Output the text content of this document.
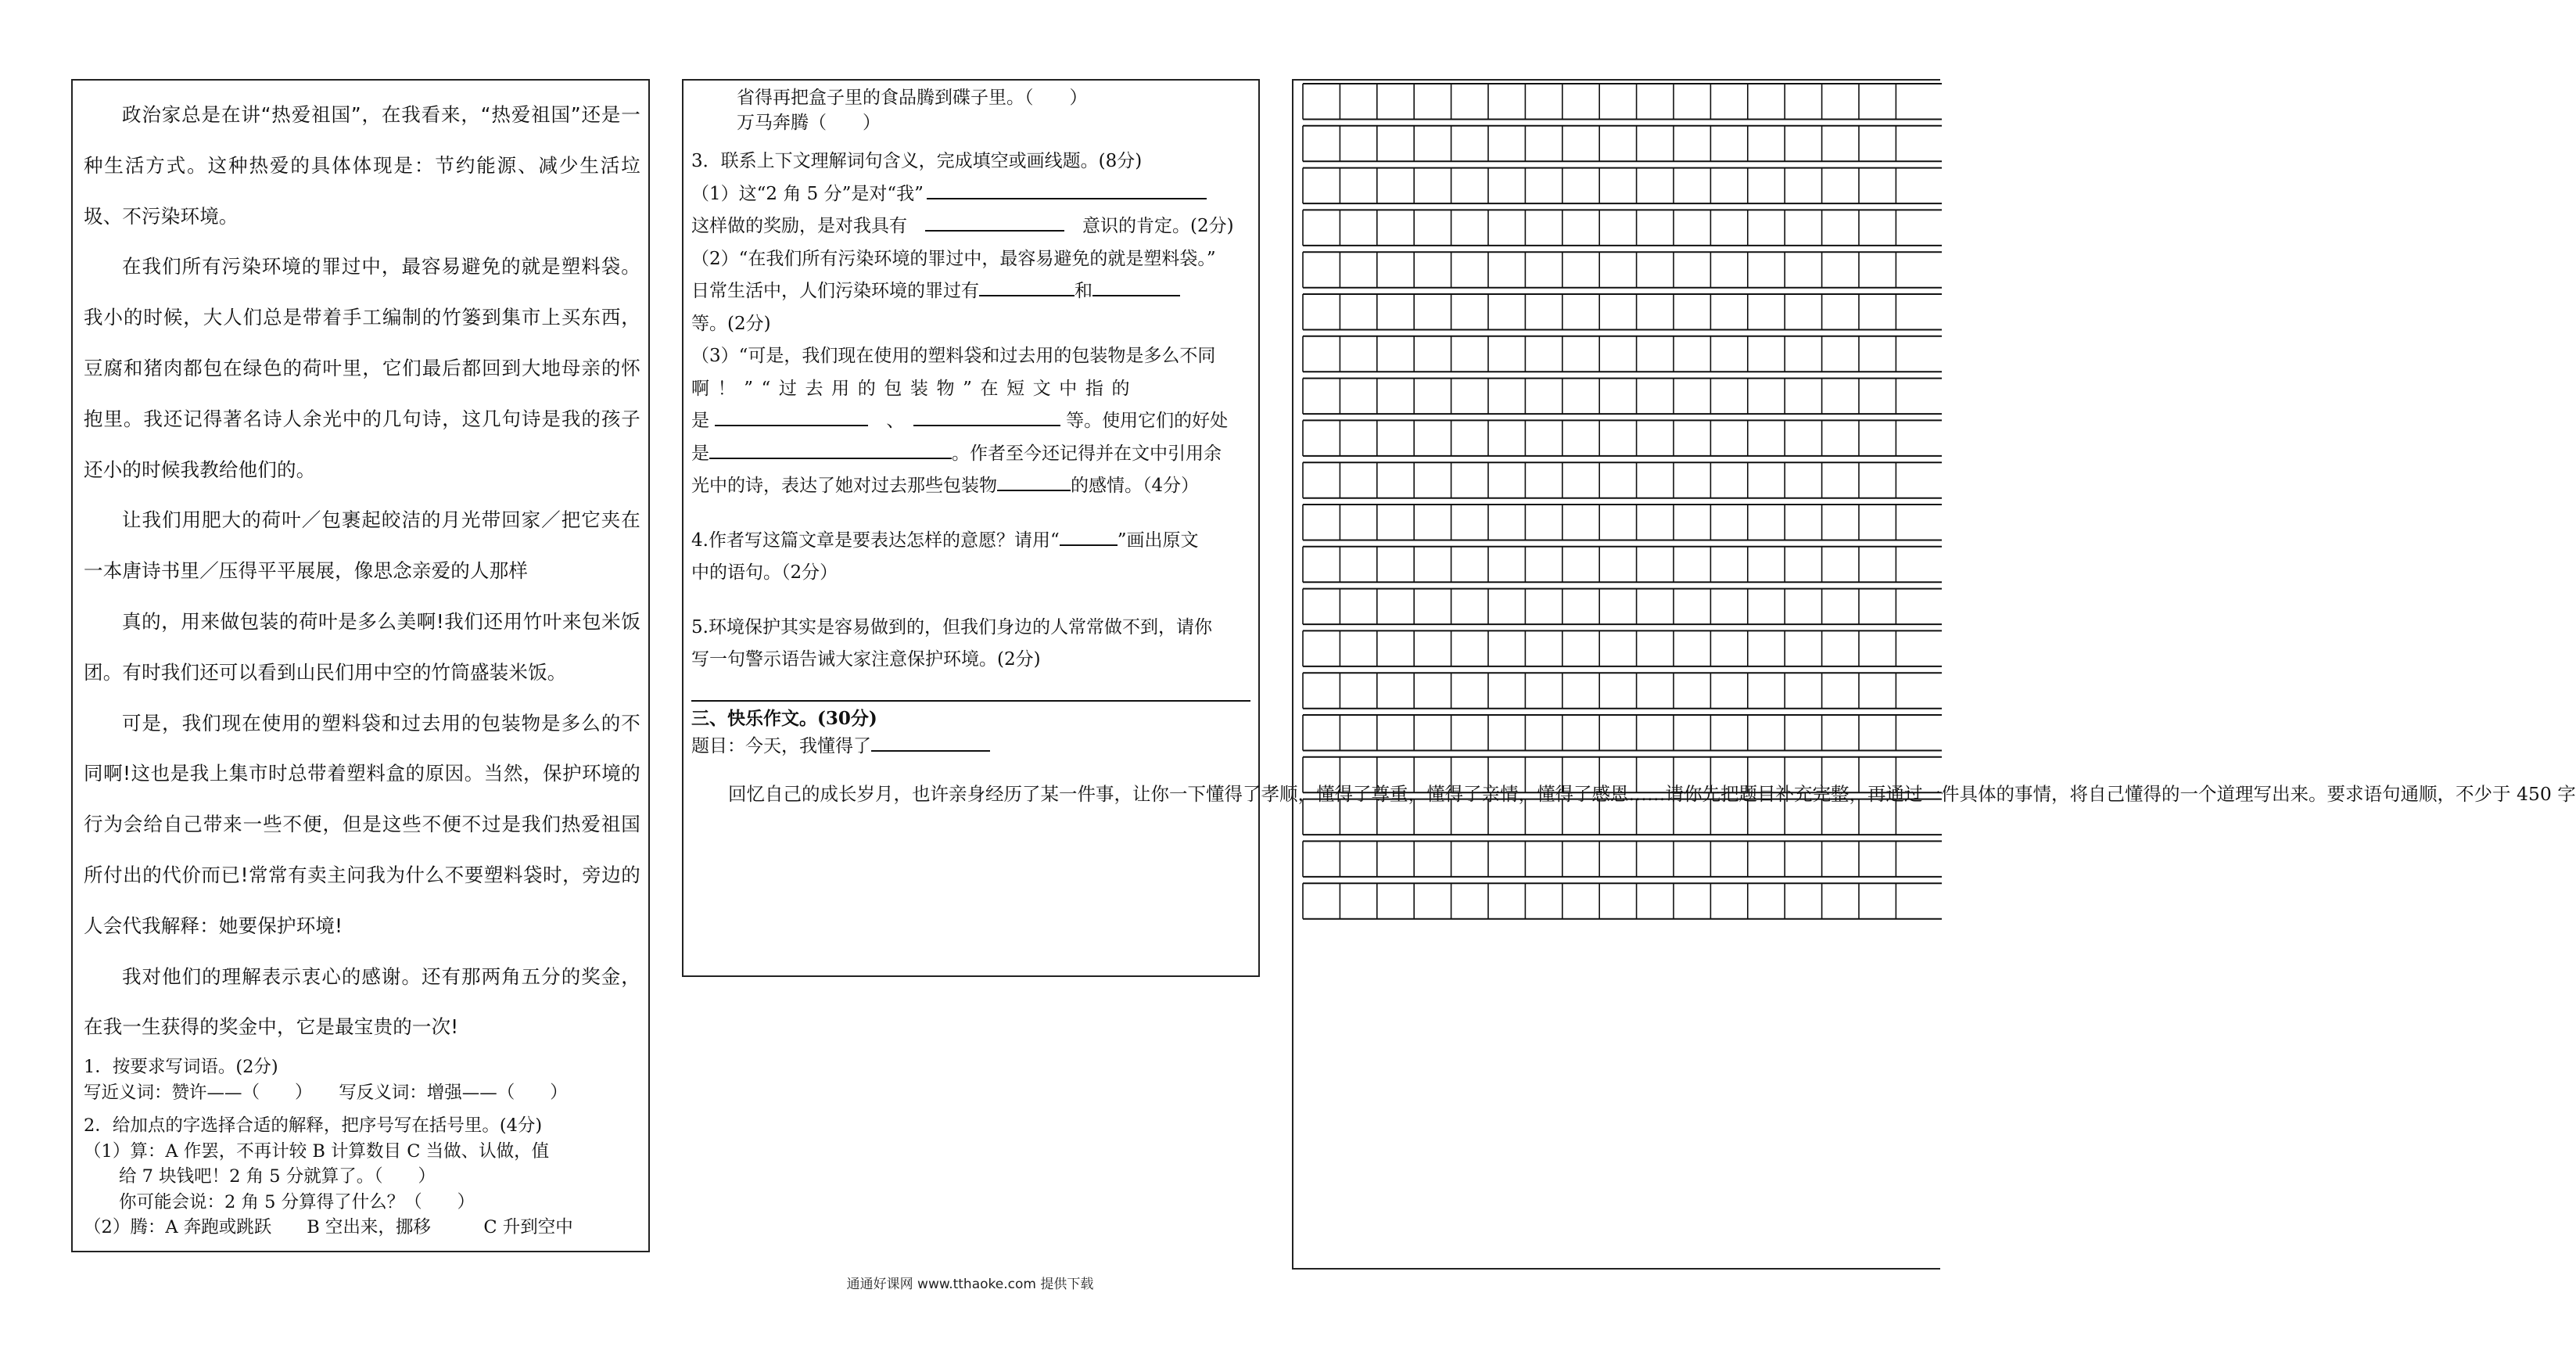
政治家总是在讲“热爱祖国”，在我看来，“热爱祖国”还是一种生活方式。这种热爱的具体体现是：节约能源、减少生活垃圾、不污染环境。

在我们所有污染环境的罪过中，最容易避免的就是塑料袋。我小的时候，大人们总是带着手工编制的竹篓到集市上买东西，豆腐和猪肉都包在绿色的荷叶里，它们最后都回到大地母亲的怀抱里。我还记得著名诗人余光中的几句诗，这几句诗是我的孩子还小的时候我教给他们的。

让我们用肥大的荷叶／包裹起皎洁的月光带回家／把它夹在一本唐诗书里／压得平平展展，像思念亲爱的人那样

真的，用来做包装的荷叶是多么美啊!我们还用竹叶来包米饭团。有时我们还可以看到山民们用中空的竹筒盛装米饭。

可是，我们现在使用的塑料袋和过去用的包装物是多么的不同啊!这也是我上集市时总带着塑料盒的原因。当然，保护环境的行为会给自己带来一些不便，但是这些不便不过是我们热爱祖国所付出的代价而已!常常有卖主问我为什么不要塑料袋时，旁边的人会代我解释：她要保护环境!

我对他们的理解表示衷心的感谢。还有那两角五分的奖金，在我一生获得的奖金中，它是最宝贵的一次!

1．按要求写词语。(2分)
写近义词：赞许——（　　）　　写反义词：增强——（　　）
2．给加点的字选择合适的解释，把序号写在括号里。(4分)
（1）算：A 作罢，不再计较 B 计算数目 C 当做、认做，值
　　给 7 块钱吧！2 角 5 分就算了。（　　）
　　你可能会说：2 角 5 分算得了什么？（　　）
（2）腾：A 奔跑或跳跃　　B 空出来，挪移　　　C 升到空中
省得再把盒子里的食品腾到碟子里。（　　）
万马奔腾（　　）
3．联系上下文理解词句含义，完成填空或画线题。(8分)
（1）这“2 角 5 分”是对“我”
这样做的奖励，是对我具有　　	意识的肯定。(2分)
（2）“在我们所有污染环境的罪过中，最容易避免的就是塑料袋。”
日常生活中，人们污染环境的罪过有	和
等。(2分)
（3）“可是，我们现在使用的塑料袋和过去用的包装物是多么不同
啊！”“过去用的包装物”在短文中指的
是 　	、　	等。使用它们的好处
是	。作者至今还记得并在文中引用余
光中的诗，表达了她对过去那些包装物	的感情。（4分）
4.作者写这篇文章是要表达怎样的意愿？请用“	”画出原文
中的语句。（2分）
5.环境保护其实是容易做到的，但我们身边的人常常做不到，请你
写一句警示语告诫大家注意保护环境。(2分)
三、快乐作文。(30分)
题目：今天，我懂得了
回忆自己的成长岁月，也许亲身经历了某一件事，让你一下懂得了孝顺，懂得了尊重，懂得了亲情，懂得了感恩……请你先把题目补充完整，再通过一件具体的事情，将自己懂得的一个道理写出来。要求语句通顺，不少于 450 字
通通好课网 www.tthaoke.com 提供下载
